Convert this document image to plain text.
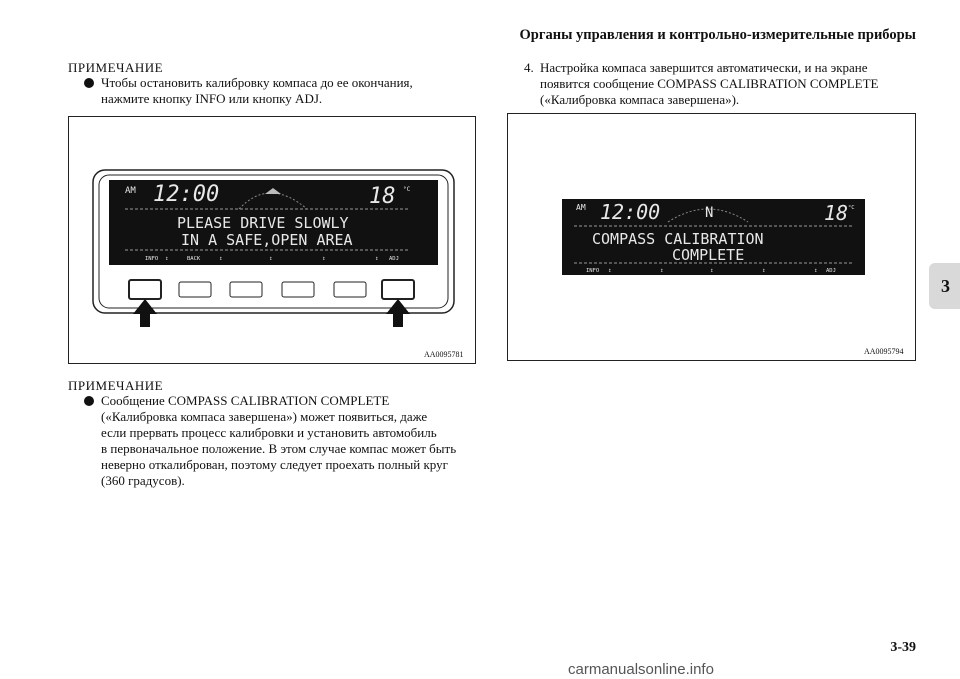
Органы управления и контрольно-измерительные приборы
ПРИМЕЧАНИЕ
Чтобы остановить калибровку компаса до ее окончания,
нажмите кнопку INFO или кнопку ADJ.
AM 12:00	18 °C
PLEASE DRIVE SLOWLY
IN A SAFE,OPEN AREA
INFO	BACK	ADJ
↕	↕	↕	↕	↕
AA0095781
ПРИМЕЧАНИЕ
Сообщение COMPASS CALIBRATION COMPLETE
(«Калибровка компаса завершена») может появиться, даже
если прервать процесс калибровки и установить автомобиль
в первоначальное положение. В этом случае компас может быть
неверно откалиброван, поэтому следует проехать полный круг
(360 градусов).
4. Настройка компаса завершится автоматически, и на экране
появится сообщение COMPASS CALIBRATION COMPLETE
(«Калибровка компаса завершена»).
AM 12:00	N	18 °C
COMPASS CALIBRATION
COMPLETE
INFO	ADJ
↕	↕	↕	↕	↕
AA0095794
3
3-39
carmanualsonline.info
